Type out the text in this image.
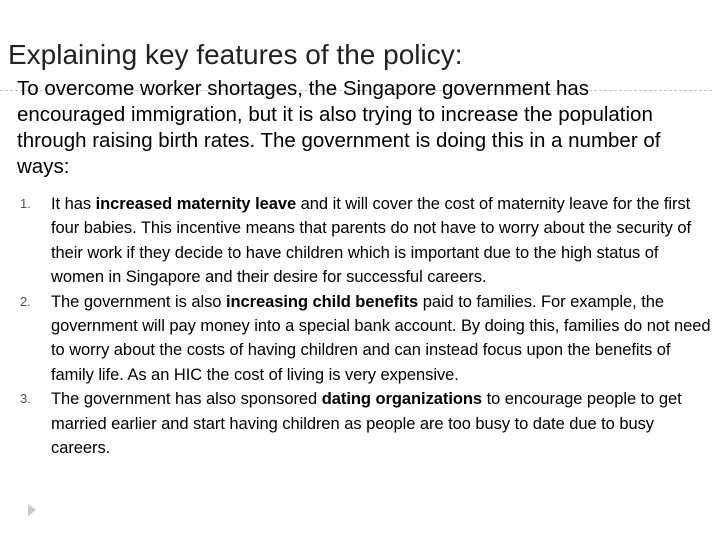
Explaining key features of the policy:
To overcome worker shortages, the Singapore government has encouraged immigration, but it is also trying to increase the population through raising birth rates. The government is doing this in a number of ways:
1. It has increased maternity leave and it will cover the cost of maternity leave for the first four babies. This incentive means that parents do not have to worry about the security of their work if they decide to have children which is important due to the high status of women in Singapore and their desire for successful careers.
2. The government is also increasing child benefits paid to families. For example, the government will pay money into a special bank account. By doing this, families do not need to worry about the costs of having children and can instead focus upon the benefits of family life. As an HIC the cost of living is very expensive.
3. The government has also sponsored dating organizations to encourage people to get married earlier and start having children as people are too busy to date due to busy careers.
